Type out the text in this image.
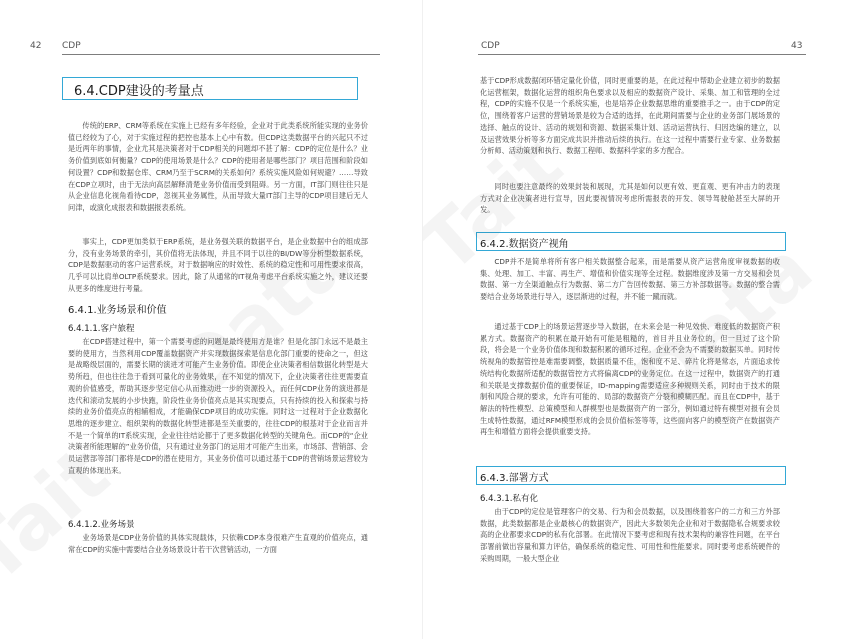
42 CDP
6.4.CDP建设的考量点
传统的ERP、CRM等系统在实施上已经有多年经验，企业对于此类系统所能实现的业务价值已经较为了心，对于实施过程的把控也基本上心中有数。但CDP这类数据平台的兴起只不过是近两年的事情，企业尤其是决策者对于CDP相关的问题却不甚了解：CDP的定位是什么？业务价值到底如何衡量？CDP的使用场景是什么？CDP的使用者是哪些部门？项目范围和阶段如何设置？CDP和数据仓库、CRM乃至于SCRM的关系如何？系统实施风险如何规避？……导致在CDP立项时，由于无法向高层解释清楚业务价值而受到阻碍。另一方面，IT部门则往往只是从企业信息化视角看待CDP，忽视其业务属性，从而导致大量IT部门主导的CDP项目建后无人问津，或演化成报表和数据报表系统。
事实上，CDP更加类似于ERP系统，是业务强关联的数据平台，是企业数据中台的组成部分，没有业务场景的牵引，其价值将无法体现，并且不同于以往的BI/DW等分析型数据系统，CDP是数据驱动的客户运营系统，对于数据响应的时效性、系统的稳定性和可用性要求很高，几乎可以比肩单OLTP系统要求。因此，除了从通常的IT视角考虑平台系统实施之外，建议还要从更多的维度进行考量。
6.4.1.业务场景和价值
6.4.1.1.客户旅程
在CDP搭建过程中，第一个需要考虑的问题是最终使用方是谁？但是化部门永远不是最主要的使用方，当然利用CDP覆盖数据资产并实现数据探索是信息化部门重要的使命之一，但这是战略级层面的，需要长期的演进才可能产生业务价值。即使企业决策者相信数据化转型是大势所趋，但也往往急于看到可量化的业务效果，在不知觉的情况下，企业决策者往往更需要直观的价值感受，帮助其逐步坚定信心从而推动进一步的资源投入，而任何CDP业务的演进都是迭代和滚动发展的小步快跑，阶段性业务价值亮点是其实现要点，只有持续的投入和探索与持续的业务价值亮点的相辅相成，才能确保CDP项目的成功实施。同时这一过程对于企业数据化思维的逐步建立、组织架构的数据化转型进都是至关重要的，往往CDP的根基对于企业而言并不是一个简单的IT系统实现，企业往往结论都于了更多数据化转型的关键角色。而CDP的“企业决策者所能理解的”业务价值，只有通过业务部门的运用才可能产生出来，市场部、营销部、会员运营部等部门都将是CDP的潜在使用方，其业务价值可以通过基于CDP的营销场景运营较为直观的体现出来。
6.4.1.2.业务场景
业务场景是CDP业务价值的具体实现载体，只依赖CDP本身很难产生直观的价值亮点，通常在CDP的实施中需要结合业务场景设计若干次营销活动，一方面
CDP	43
基于CDP形成数据闭环错定量化价值，同时更重要的是，在此过程中帮助企业建立初步的数据化运营框架，数据化运营的组织角色要求以及相应的数据资产设计、采集、加工和管理的全过程，CDP的实施不仅是一个系统实施，也是培养企业数据思维的重要推手之一。由于CDP的定位，围绕着客户运营的营销场景是较为合适的选择，在此期间需要与企业的业务部门展场景的选择、触点的设计、活动的规划和资源、数据采集计划、活动运营执行、归因迭编的建立，以及运营效果分析等多方面完成共识并推动后续的执行。在这一过程中需要行业专家、业务数据分析师、活动策划和执行、数据工程师、数据科学家的多方配合。
同时也要注意最终的效果封装和展现，尤其是如何以更有效、更直观、更有冲击力的表现方式对企业决策者进行宣导，因此要视情况考虑所需报表的开发、领导驾驶舱甚至大屏的开发。
6.4.2.数据资产视角
CDP并不是简单将所有客户相关数据整合起来，而是需要从资产运营角度审视数据的收集、处理、加工、丰富、再生产、增值和价值实现等全过程。数据维度涉及第一方交易和会员数据、第一方全渠道触点行为数据、第二方广告回传数据、第三方补部数据等。数据的整合需要结合业务场景进行导入，逐层渐进的过程，并不能一蹴而就。
通过基于CDP上的场景运营逐步导入数据，在未来会是一种见效快、难度低的数据资产积累方式。数据资产的积累在最开始有可能是粗糙的，首目并且业务位的，但一旦过了这个阶段，将会是一个业务价值体现和数据积累的循环过程。企业不会为不需要的数据买单。同时传统视角的数据管控是难需要调整，数据质量不佳，饱和度不足、碎片化将是常态，片面追求传统结构化数据所适配的数据管控方式将偏离CDP的业务定位。在这一过程中，数据资产的打通和关联是支撑数据价值的重要保证，ID-mapping需要适应多种规则关系，同时由于技术的限制和风险合规的要求，允许有可能的、局部的数据资产分裂和模糊匹配。而且在CDP中，基于解法的特性模型、总策模型和人群模型也是数据资产的一部分，例如通过特有模型对报有会员生成特性数据，通过RFM模型形成的会员价值标签等等，这些面向客户的模型资产在数据资产再生和增值方面将会提供重要支持。
6.4.3.部署方式
6.4.3.1.私有化
由于CDP的定位是管理客户的交易、行为和会员数据，以及围绕着客户的二方和三方外部数据，此类数据都是企业最核心的数据资产，因此大多数领先企业和对于数据隐私合规要求较高的企业都要求CDP的私有化部署。在此情况下要考虑和现有技术架构的兼容性问题，在平台部署前做出容量和算力评估，确保系统的稳定性、可用性和性能要求。同时要考虑系统硬件的采购周期，一般大型企业
